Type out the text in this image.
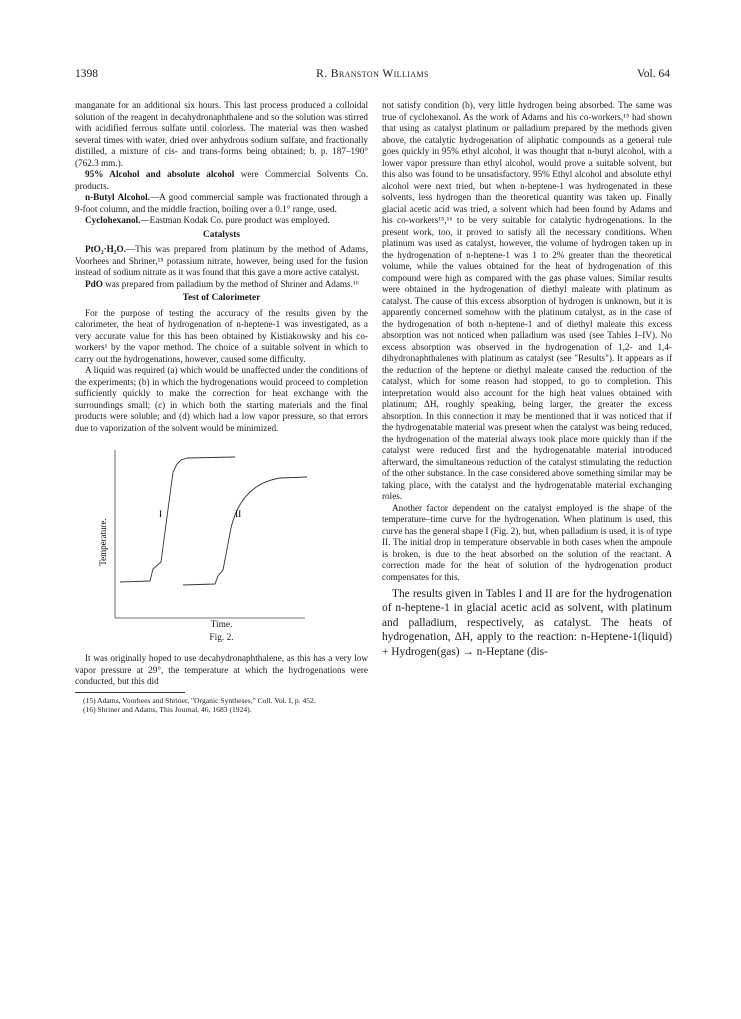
1398	R. Branston Williams	Vol. 64

manganate for an additional six hours. This last process produced a colloidal solution of the reagent in decahydronaphthalene and so the solution was stirred with acidified ferrous sulfate until colorless. The material was then washed several times with water, dried over anhydrous sodium sulfate, and fractionally distilled, a mixture of cis- and trans-forms being obtained; b. p. 187–190° (762.3 mm.).

95% Alcohol and absolute alcohol were Commercial Solvents Co. products.

n-Butyl Alcohol.—A good commercial sample was fractionated through a 9-foot column, and the middle fraction, boiling over a 0.1° range, used.

Cyclohexanol.—Eastman Kodak Co. pure product was employed.

Catalysts

PtO₂·H₂O.—This was prepared from platinum by the method of Adams, Voorhees and Shriner,¹⁵ potassium nitrate, however, being used for the fusion instead of sodium nitrate as it was found that this gave a more active catalyst.

PdO was prepared from palladium by the method of Shriner and Adams.¹⁶

Test of Calorimeter

For the purpose of testing the accuracy of the results given by the calorimeter, the heat of hydrogenation of n-heptene-1 was investigated, as a very accurate value for this has been obtained by Kistiakowsky and his co-workers¹ by the vapor method. The choice of a suitable solvent in which to carry out the hydrogenations, however, caused some difficulty.

A liquid was required (a) which would be unaffected under the conditions of the experiments; (b) in which the hydrogenations would proceed to completion sufficiently quickly to make the correction for heat exchange with the surroundings small; (c) in which both the starting materials and the final products were soluble; and (d) which had a low vapor pressure, so that errors due to vaporization of the solvent would be minimized.

I	II
Temperature.
Time.
Fig. 2.

It was originally hoped to use decahydronaphthalene, as this has a very low vapor pressure at 29°, the temperature at which the hydrogenations were conducted, but this did

(15) Adams, Voorhees and Shriner, "Organic Syntheses," Coll. Vol. I, p. 452.

(16) Shriner and Adams, This Journal, 46, 1683 (1924).

not satisfy condition (b), very little hydrogen being absorbed. The same was true of cyclohexanol. As the work of Adams and his co-workers,¹⁵ had shown that using as catalyst platinum or palladium prepared by the methods given above, the catalytic hydrogenation of aliphatic compounds as a general rule goes quickly in 95% ethyl alcohol, it was thought that n-butyl alcohol, with a lower vapor pressure than ethyl alcohol, would prove a suitable solvent, but this also was found to be unsatisfactory. 95% Ethyl alcohol and absolute ethyl alcohol were next tried, but when n-heptene-1 was hydrogenated in these solvents, less hydrogen than the theoretical quantity was taken up. Finally glacial acetic acid was tried, a solvent which had been found by Adams and his co-workers¹⁵,¹⁶ to be very suitable for catalytic hydrogenations. In the present work, too, it proved to satisfy all the necessary conditions. When platinum was used as catalyst, however, the volume of hydrogen taken up in the hydrogenation of n-heptene-1 was 1 to 2% greater than the theoretical volume, while the values obtained for the heat of hydrogenation of this compound were high as compared with the gas phase values. Similar results were obtained in the hydrogenation of diethyl maleate with platinum as catalyst. The cause of this excess absorption of hydrogen is unknown, but it is apparently concerned somehow with the platinum catalyst, as in the case of the hydrogenation of both n-heptene-1 and of diethyl maleate this excess absorption was not noticed when palladium was used (see Tables I–IV). No excess absorption was observed in the hydrogenation of 1,2- and 1,4-dihydronaphthalenes with platinum as catalyst (see "Results"). It appears as if the reduction of the heptene or diethyl maleate caused the reduction of the catalyst, which for some reason had stopped, to go to completion. This interpretation would also account for the high heat values obtained with platinum; ΔH, roughly speaking, being larger, the greater the excess absorption. In this connection it may be mentioned that it was noticed that if the hydrogenatable material was present when the catalyst was being reduced, the hydrogenation of the material always took place more quickly than if the catalyst were reduced first and the hydrogenatable material introduced afterward, the simultaneous reduction of the catalyst stimulating the reduction of the other substance. In the case considered above something similar may be taking place, with the catalyst and the hydrogenatable material exchanging roles.

Another factor dependent on the catalyst employed is the shape of the temperature–time curve for the hydrogenation. When platinum is used, this curve has the general shape I (Fig. 2), but, when palladium is used, it is of type II. The initial drop in temperature observable in both cases when the ampoule is broken, is due to the heat absorbed on the solution of the reactant. A correction made for the heat of solution of the hydrogenation product compensates for this.

The results given in Tables I and II are for the hydrogenation of n-heptene-1 in glacial acetic acid as solvent, with platinum and palladium, respectively, as catalyst. The heats of hydrogenation, ΔH, apply to the reaction: n-Heptene-1(liquid) + Hydrogen(gas) → n-Heptane (dis-
